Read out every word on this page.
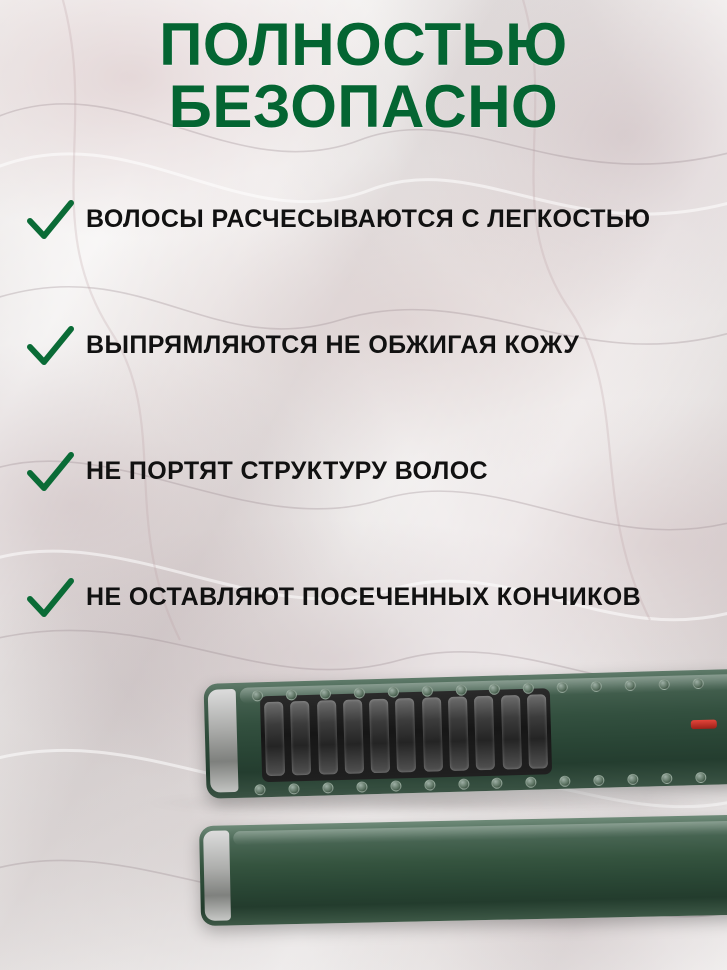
ПОЛНОСТЬЮ
БЕЗОПАСНО
ВОЛОСЫ РАСЧЕСЫВАЮТСЯ С ЛЕГКОСТЬЮ
ВЫПРЯМЛЯЮТСЯ НЕ ОБЖИГАЯ КОЖУ
НЕ ПОРТЯТ СТРУКТУРУ ВОЛОС
НЕ ОСТАВЛЯЮТ ПОСЕЧЕННЫХ КОНЧИКОВ
